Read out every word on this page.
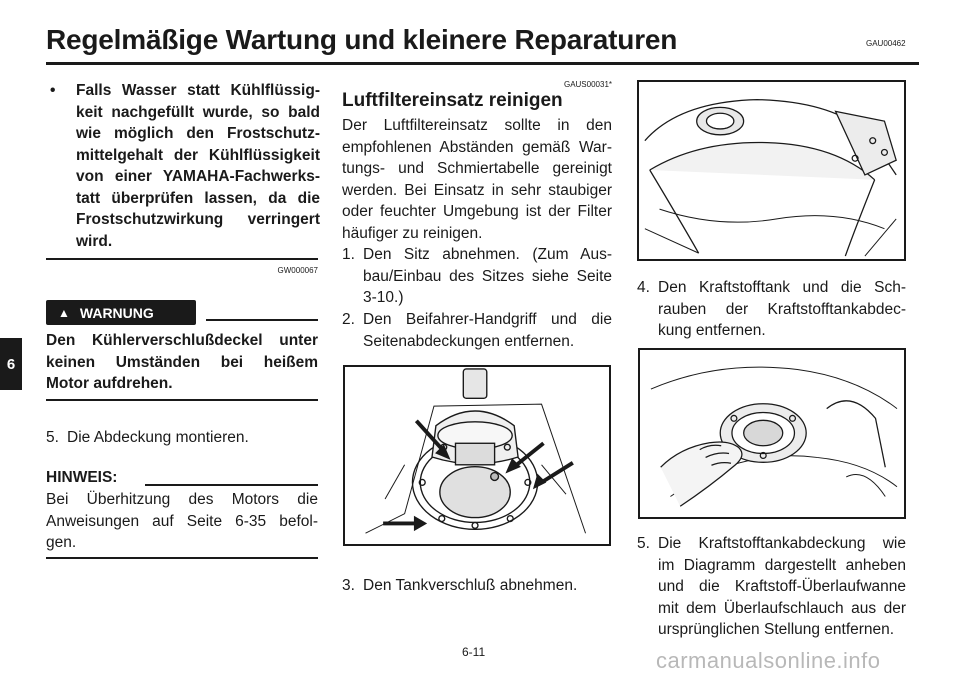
Regelmäßige Wartung und kleinere Reparaturen	GAU00462
6
• Falls Wasser statt Kühlflüssig-
keit nachgefüllt wurde, so bald
wie möglich den Frostschutz-
mittelgehalt der Kühlflüssigkeit
von einer YAMAHA-Fachwerks-
tatt überprüfen lassen, da die
Frostschutzwirkung verringert
wird.
GW000067
▲ WARNUNG
Den Kühlerverschlußdeckel unter
keinen Umständen bei heißem
Motor aufdrehen.
5. Die Abdeckung montieren.
HINWEIS:
Bei Überhitzung des Motors die
Anweisungen auf Seite 6-35 befol-
gen.
GAUS00031*
Luftfiltereinsatz reinigen
Der Luftfiltereinsatz sollte in den
empfohlenen Abständen gemäß War-
tungs- und Schmiertabelle gereinigt
werden. Bei Einsatz in sehr staubiger
oder feuchter Umgebung ist der Filter
häufiger zu reinigen.
1. Den Sitz abnehmen. (Zum Aus-
bau/Einbau des Sitzes siehe Seite
3-10.)
2. Den Beifahrer-Handgriff und die
Seitenabdeckungen entfernen.
3. Den Tankverschluß abnehmen.
4. Den Kraftstofftank und die Sch-
rauben der Kraftstofftankabdec-
kung entfernen.
5. Die Kraftstofftankabdeckung wie
im Diagramm dargestellt anheben
und die Kraftstoff-Überlaufwanne
mit dem Überlaufschlauch aus der
ursprünglichen Stellung entfernen.
6-11	carmanualsonline.info
